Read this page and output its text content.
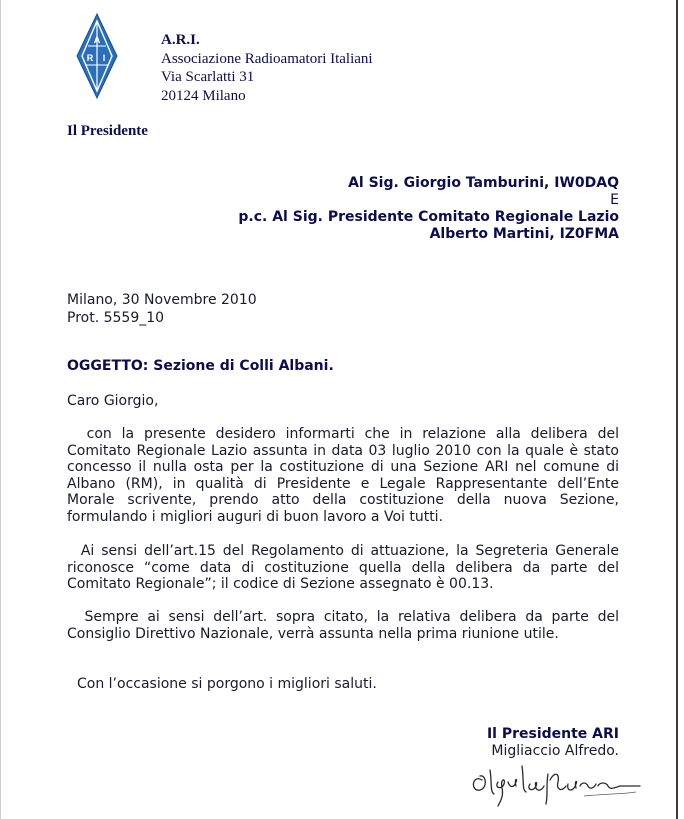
A
R I
A.R.I.
Associazione Radioamatori Italiani
Via Scarlatti 31
20124 Milano
Il Presidente
Al Sig. Giorgio Tamburini, IW0DAQ
E
p.c. Al Sig. Presidente Comitato Regionale Lazio
Alberto Martini, IZ0FMA
Milano, 30 Novembre 2010
Prot. 5559_10
OGGETTO: Sezione di Colli Albani.
Caro Giorgio,
con la presente desidero informarti che in relazione alla delibera del Comitato Regionale Lazio assunta in data 03 luglio 2010 con la quale è stato concesso il nulla osta per la costituzione di una Sezione ARI nel comune di Albano (RM), in qualità di Presidente e Legale Rappresentante dell’Ente Morale scrivente, prendo atto della costituzione della nuova Sezione, formulando i migliori auguri di buon lavoro a Voi tutti.
Ai sensi dell’art.15 del Regolamento di attuazione, la Segreteria Generale riconosce “come data di costituzione quella della delibera da parte del Comitato Regionale”; il codice di Sezione assegnato è 00.13.
Sempre ai sensi dell’art. sopra citato, la relativa delibera da parte del Consiglio Direttivo Nazionale, verrà assunta nella prima riunione utile.
Con l’occasione si porgono i migliori saluti.
Il Presidente ARI
Migliaccio Alfredo.
